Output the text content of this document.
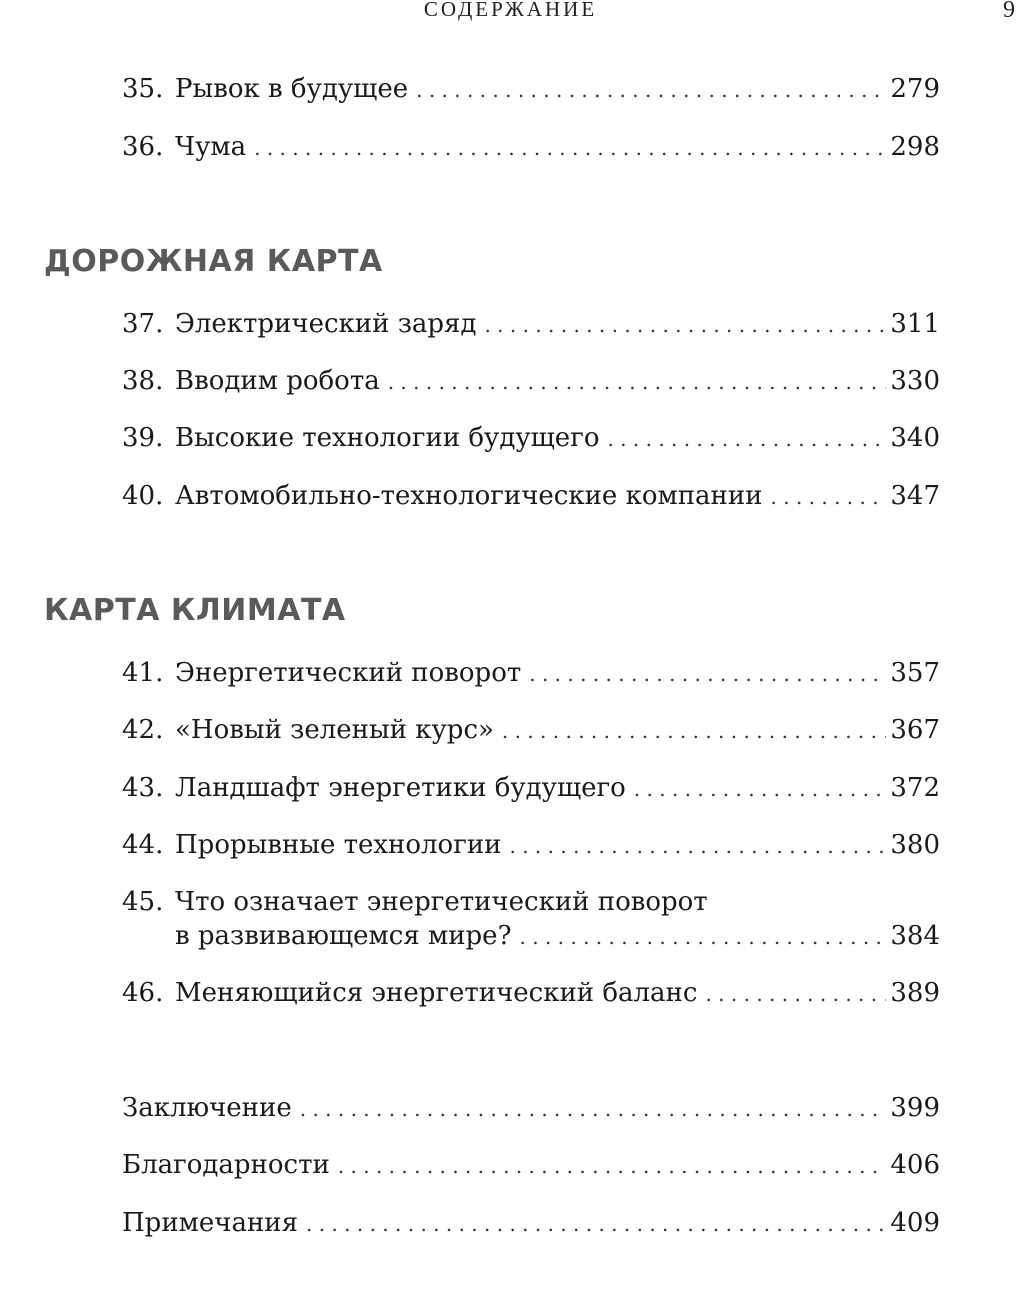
СОДЕРЖАНИЕ	9
35. Рывок в будущее . . .	279
36. Чума . . .	298
ДОРОЖНАЯ КАРТА
37. Электрический заряд . . .	311
38. Вводим робота . . .	330
39. Высокие технологии будущего . . .	340
40. Автомобильно-технологические компании . . .	347
КАРТА КЛИМАТА
41. Энергетический поворот . . .	357
42. «Новый зеленый курс» . . .	367
43. Ландшафт энергетики будущего . . .	372
44. Прорывные технологии . . .	380
45. Что означает энергетический поворот
в развивающемся мире? . . .	384
46. Меняющийся энергетический баланс . . .	389
Заключение . . .	399
Благодарности . . .	406
Примечания . . .	409
